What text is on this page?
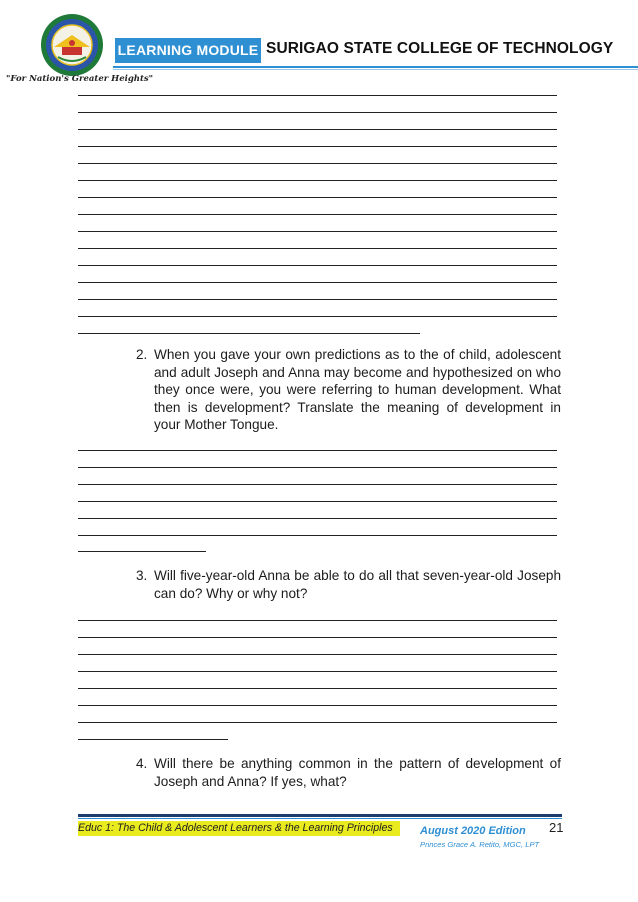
LEARNING MODULE SURIGAO STATE COLLEGE OF TECHNOLOGY
"For Nation's Greater Heights"
2. When you gave your own predictions as to the of child, adolescent and adult Joseph and Anna may become and hypothesized on who they once were, you were referring to human development. What then is development? Translate the meaning of development in your Mother Tongue.
3. Will five-year-old Anna be able to do all that seven-year-old Joseph can do? Why or why not?
4. Will there be anything common in the pattern of development of Joseph and Anna? If yes, what?
Educ 1: The Child & Adolescent Learners & the Learning Principles	August 2020 Edition
Princes Grace A. Retito, MGC, LPT
21
